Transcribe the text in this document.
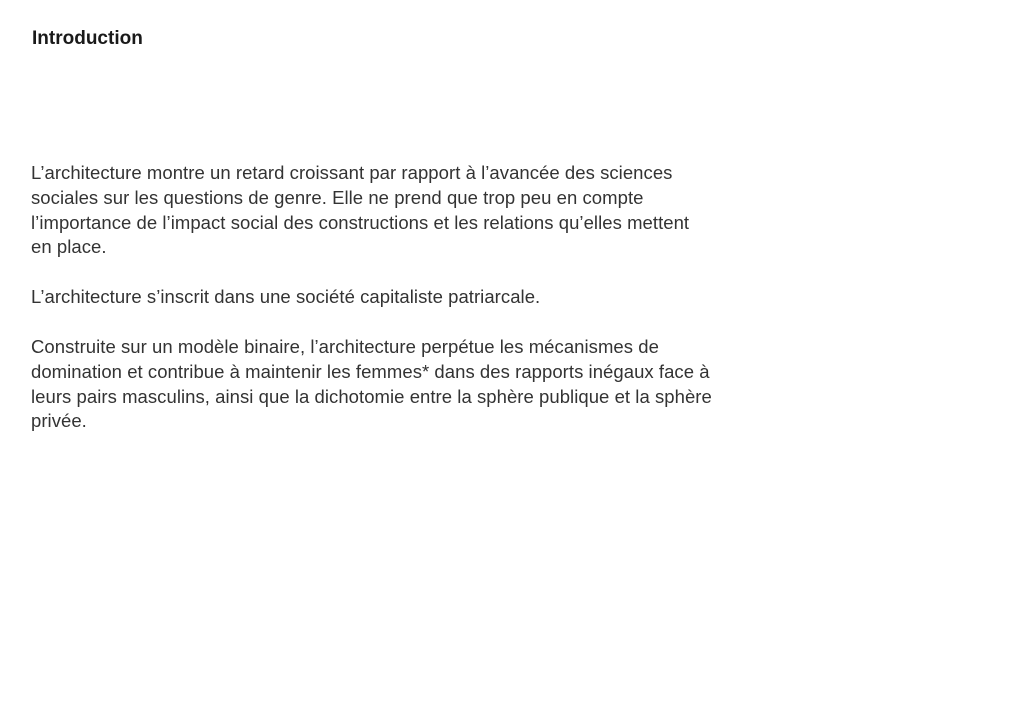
Introduction

L’architecture montre un retard croissant par rapport à l’avancée des sciences
sociales sur les questions de genre. Elle ne prend que trop peu en compte
l’importance de l’impact social des constructions et les relations qu’elles mettent
en place.

L’architecture s’inscrit dans une société capitaliste patriarcale.

Construite sur un modèle binaire, l’architecture perpétue les mécanismes de
domination et contribue à maintenir les femmes* dans des rapports inégaux face à
leurs pairs masculins, ainsi que la dichotomie entre la sphère publique et la sphère
privée.
